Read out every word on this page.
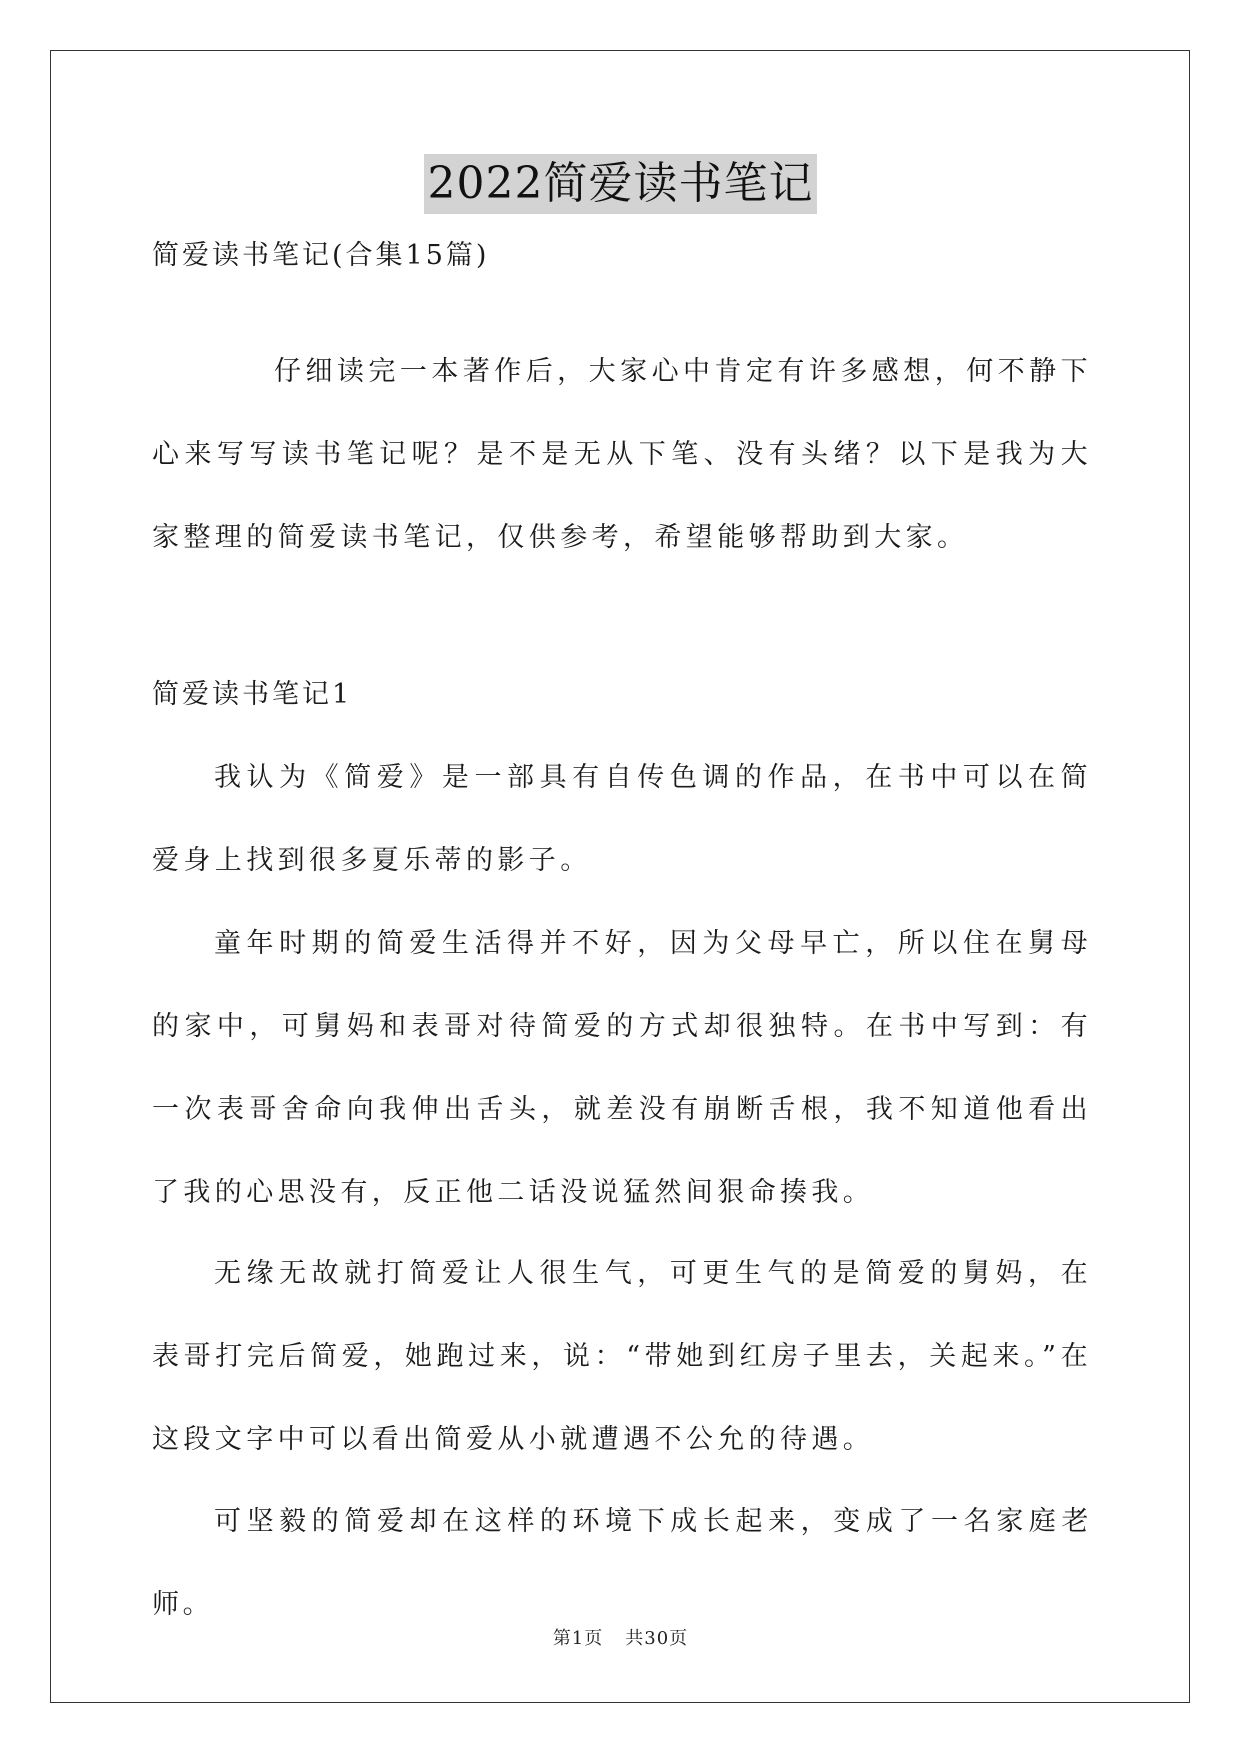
2022简爱读书笔记
简爱读书笔记(合集15篇)

仔细读完一本著作后，大家心中肯定有许多感想，何不静下心来写写读书笔记呢？是不是无从下笔、没有头绪？以下是我为大家整理的简爱读书笔记，仅供参考，希望能够帮助到大家。

简爱读书笔记1

我认为《简爱》是一部具有自传色调的作品，在书中可以在简爱身上找到很多夏乐蒂的影子。

童年时期的简爱生活得并不好，因为父母早亡，所以住在舅母的家中，可舅妈和表哥对待简爱的方式却很独特。在书中写到：有一次表哥舍命向我伸出舌头，就差没有崩断舌根，我不知道他看出了我的心思没有，反正他二话没说猛然间狠命揍我。

无缘无故就打简爱让人很生气，可更生气的是简爱的舅妈，在表哥打完后简爱，她跑过来，说：“带她到红房子里去，关起来。”在这段文字中可以看出简爱从小就遭遇不公允的待遇。

可坚毅的简爱却在这样的环境下成长起来，变成了一名家庭老师。

第1页 共30页
